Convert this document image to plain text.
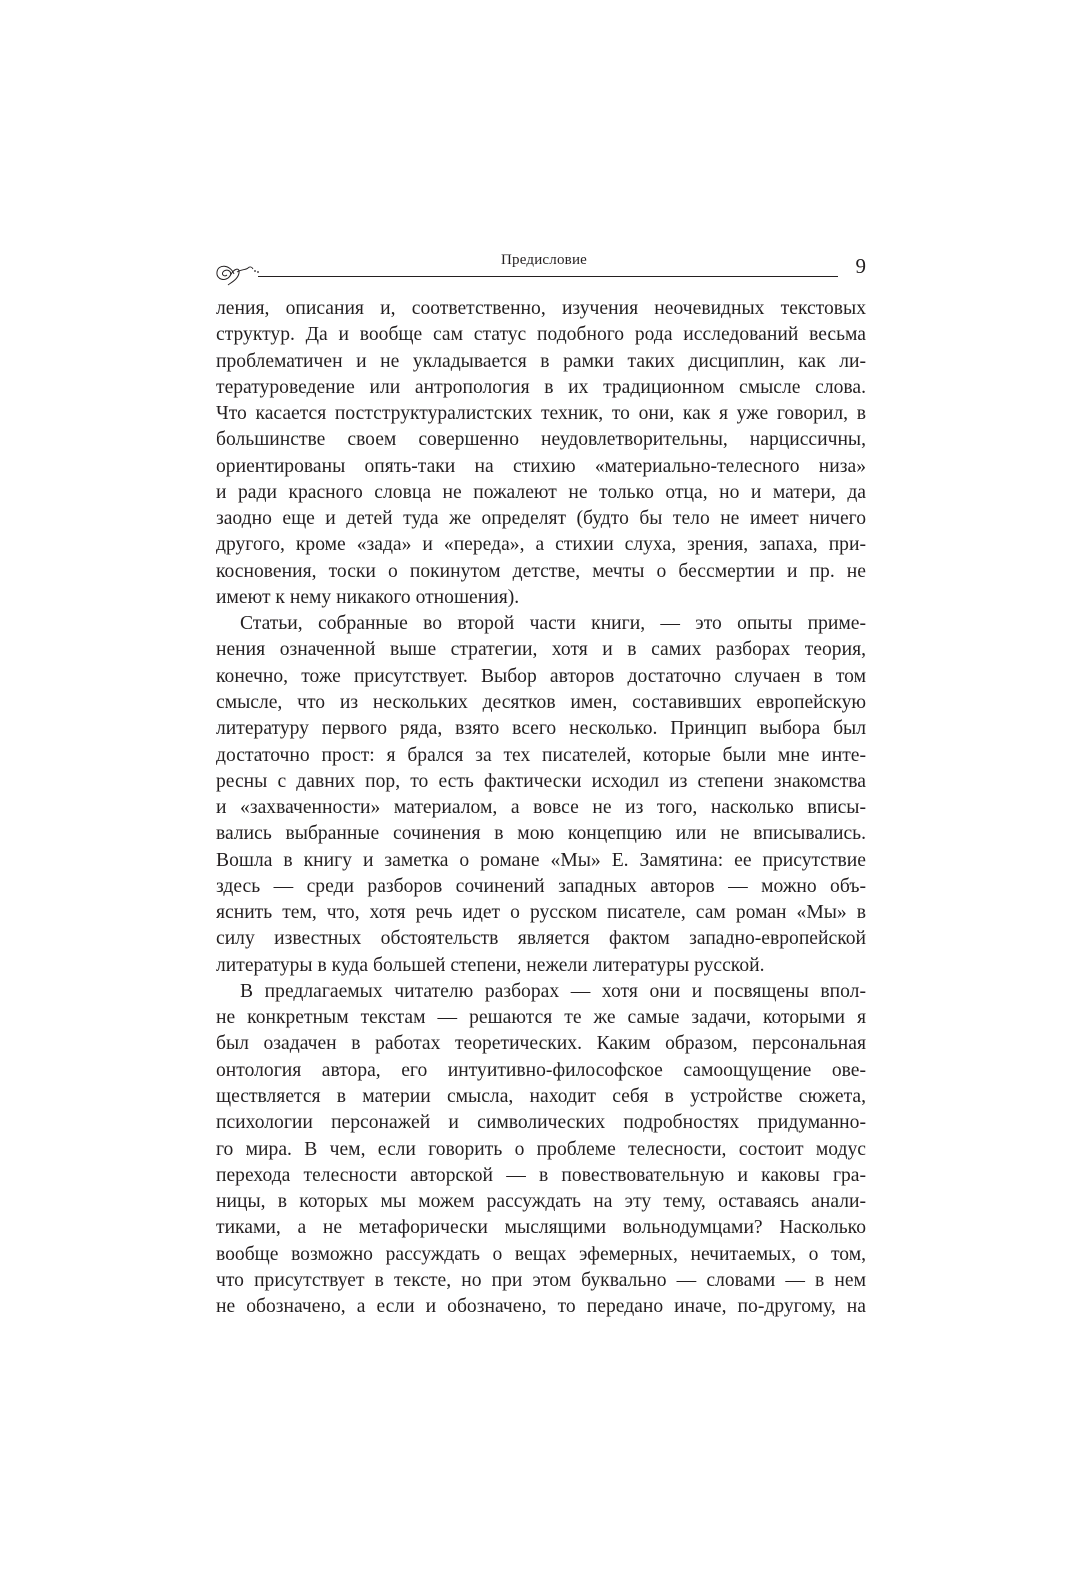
Предисловие	9
ления, описания и, соответственно, изучения неочевидных текстовых
структур. Да и вообще сам статус подобного рода исследований весьма
проблематичен и не укладывается в рамки таких дисциплин, как ли-
тературоведение или антропология в их традиционном смысле слова.
Что касается постструктуралистских техник, то они, как я уже говорил, в
большинстве своем совершенно неудовлетворительны, нарциссичны,
ориентированы опять-таки на стихию «материально-телесного низа»
и ради красного словца не пожалеют не только отца, но и матери, да
заодно еще и детей туда же определят (будто бы тело не имеет ничего
другого, кроме «зада» и «переда», а стихии слуха, зрения, запаха, при-
косновения, тоски о покинутом детстве, мечты о бессмертии и пр. не
имеют к нему никакого отношения).
Статьи, собранные во второй части книги, — это опыты приме-
нения означенной выше стратегии, хотя и в самих разборах теория,
конечно, тоже присутствует. Выбор авторов достаточно случаен в том
смысле, что из нескольких десятков имен, составивших европейскую
литературу первого ряда, взято всего несколько. Принцип выбора был
достаточно прост: я брался за тех писателей, которые были мне инте-
ресны с давних пор, то есть фактически исходил из степени знакомства
и «захваченности» материалом, а вовсе не из того, насколько вписы-
вались выбранные сочинения в мою концепцию или не вписывались.
Вошла в книгу и заметка о романе «Мы» Е. Замятина: ее присутствие
здесь — среди разборов сочинений западных авторов — можно объ-
яснить тем, что, хотя речь идет о русском писателе, сам роман «Мы» в
силу известных обстоятельств является фактом западно-европейской
литературы в куда большей степени, нежели литературы русской.
В предлагаемых читателю разборах — хотя они и посвящены впол-
не конкретным текстам — решаются те же самые задачи, которыми я
был озадачен в работах теоретических. Каким образом, персональная
онтология автора, его интуитивно-философское самоощущение ове-
ществляется в материи смысла, находит себя в устройстве сюжета,
психологии персонажей и символических подробностях придуманно-
го мира. В чем, если говорить о проблеме телесности, состоит модус
перехода телесности авторской — в повествовательную и каковы гра-
ницы, в которых мы можем рассуждать на эту тему, оставаясь анали-
тиками, а не метафорически мыслящими вольнодумцами? Насколько
вообще возможно рассуждать о вещах эфемерных, нечитаемых, о том,
что присутствует в тексте, но при этом буквально — словами — в нем
не обозначено, а если и обозначено, то передано иначе, по-другому, на
